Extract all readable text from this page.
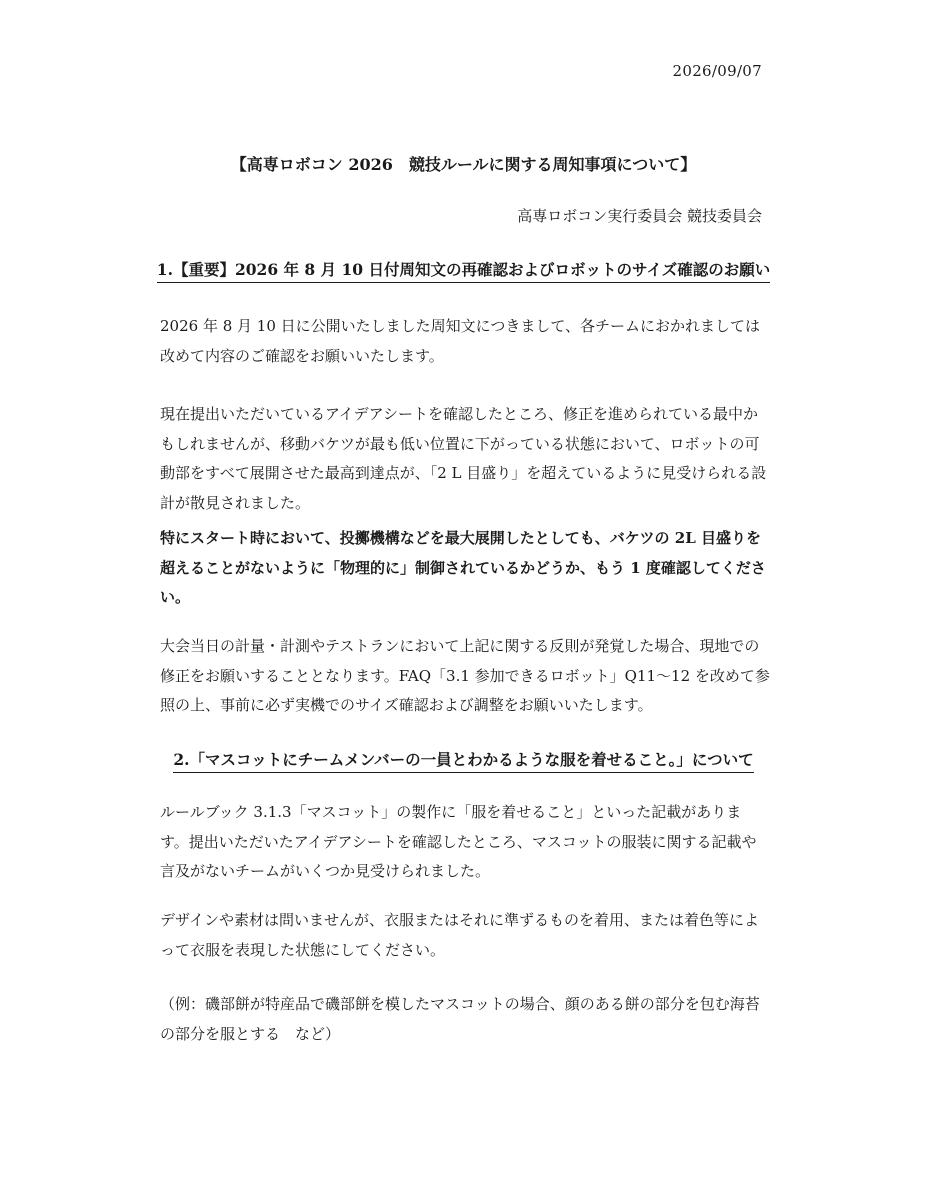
2026/09/07
【高専ロボコン 2026　競技ルールに関する周知事項について】
高専ロボコン実行委員会 競技委員会
1.【重要】2026 年 8 月 10 日付周知文の再確認およびロボットのサイズ確認のお願い

2026 年 8 月 10 日に公開いたしました周知文につきまして、各チームにおかれましては改めて内容のご確認をお願いいたします。

現在提出いただいているアイデアシートを確認したところ、修正を進められている最中かもしれませんが、移動バケツが最も低い位置に下がっている状態において、ロボットの可動部をすべて展開させた最高到達点が、「2 L 目盛り」を超えているように見受けられる設計が散見されました。

特にスタート時において、投擲機構などを最大展開したとしても、バケツの 2L 目盛りを超えることがないように「物理的に」制御されているかどうか、もう 1 度確認してください。

大会当日の計量・計測やテストランにおいて上記に関する反則が発覚した場合、現地での修正をお願いすることとなります。FAQ「3.1 参加できるロボット」Q11〜12 を改めて参照の上、事前に必ず実機でのサイズ確認および調整をお願いいたします。

2.「マスコットにチームメンバーの一員とわかるような服を着せること。」について

ルールブック 3.1.3「マスコット」の製作に「服を着せること」といった記載があります。提出いただいたアイデアシートを確認したところ、マスコットの服装に関する記載や言及がないチームがいくつか見受けられました。

デザインや素材は問いませんが、衣服またはそれに準ずるものを着用、または着色等によって衣服を表現した状態にしてください。

（例：磯部餅が特産品で磯部餅を模したマスコットの場合、顔のある餅の部分を包む海苔の部分を服とする　など）
